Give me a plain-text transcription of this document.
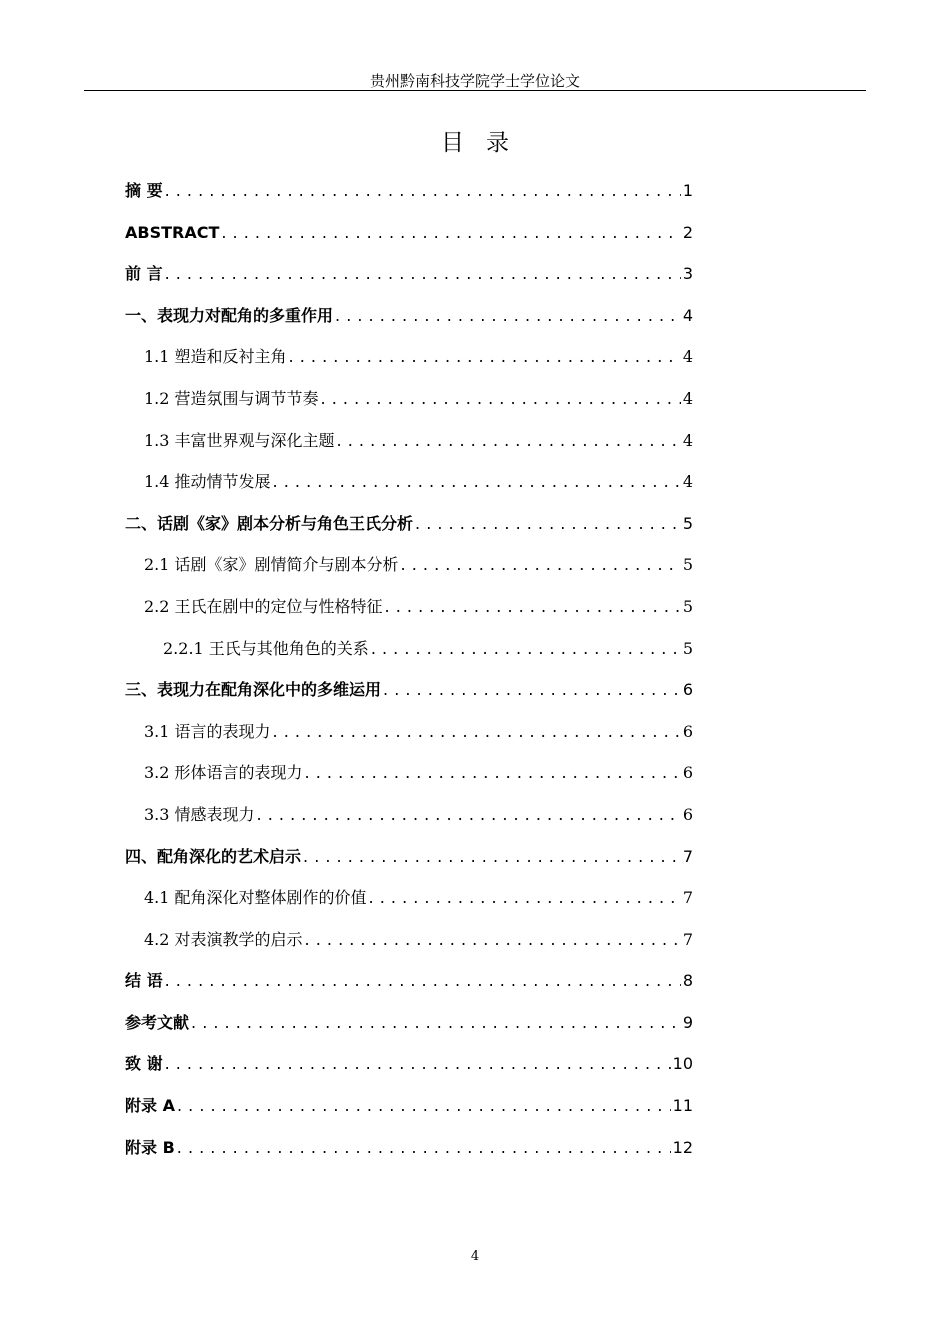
贵州黔南科技学院学士学位论文
目录
摘 要 . . .	1
ABSTRACT . . .	2
前 言 . . .	3
一、表现力对配角的多重作用 . . .	4
1.1 塑造和反衬主角 . . .	4
1.2 营造氛围与调节节奏 . . .	4
1.3 丰富世界观与深化主题 . . .	4
1.4 推动情节发展 . . .	4
二、话剧《家》剧本分析与角色王氏分析 . . .	5
2.1 话剧《家》剧情简介与剧本分析 . . .	5
2.2 王氏在剧中的定位与性格特征 . . .	5
2.2.1 王氏与其他角色的关系 . . .	5
三、表现力在配角深化中的多维运用 . . .	6
3.1 语言的表现力 . . .	6
3.2 形体语言的表现力 . . .	6
3.3 情感表现力 . . .	6
四、配角深化的艺术启示 . . .	7
4.1 配角深化对整体剧作的价值 . . .	7
4.2 对表演教学的启示 . . .	7
结 语 . . .	8
参考文献 . . .	9
致 谢 . . .	10
附录 A . . .	11
附录 B . . .	12
4
